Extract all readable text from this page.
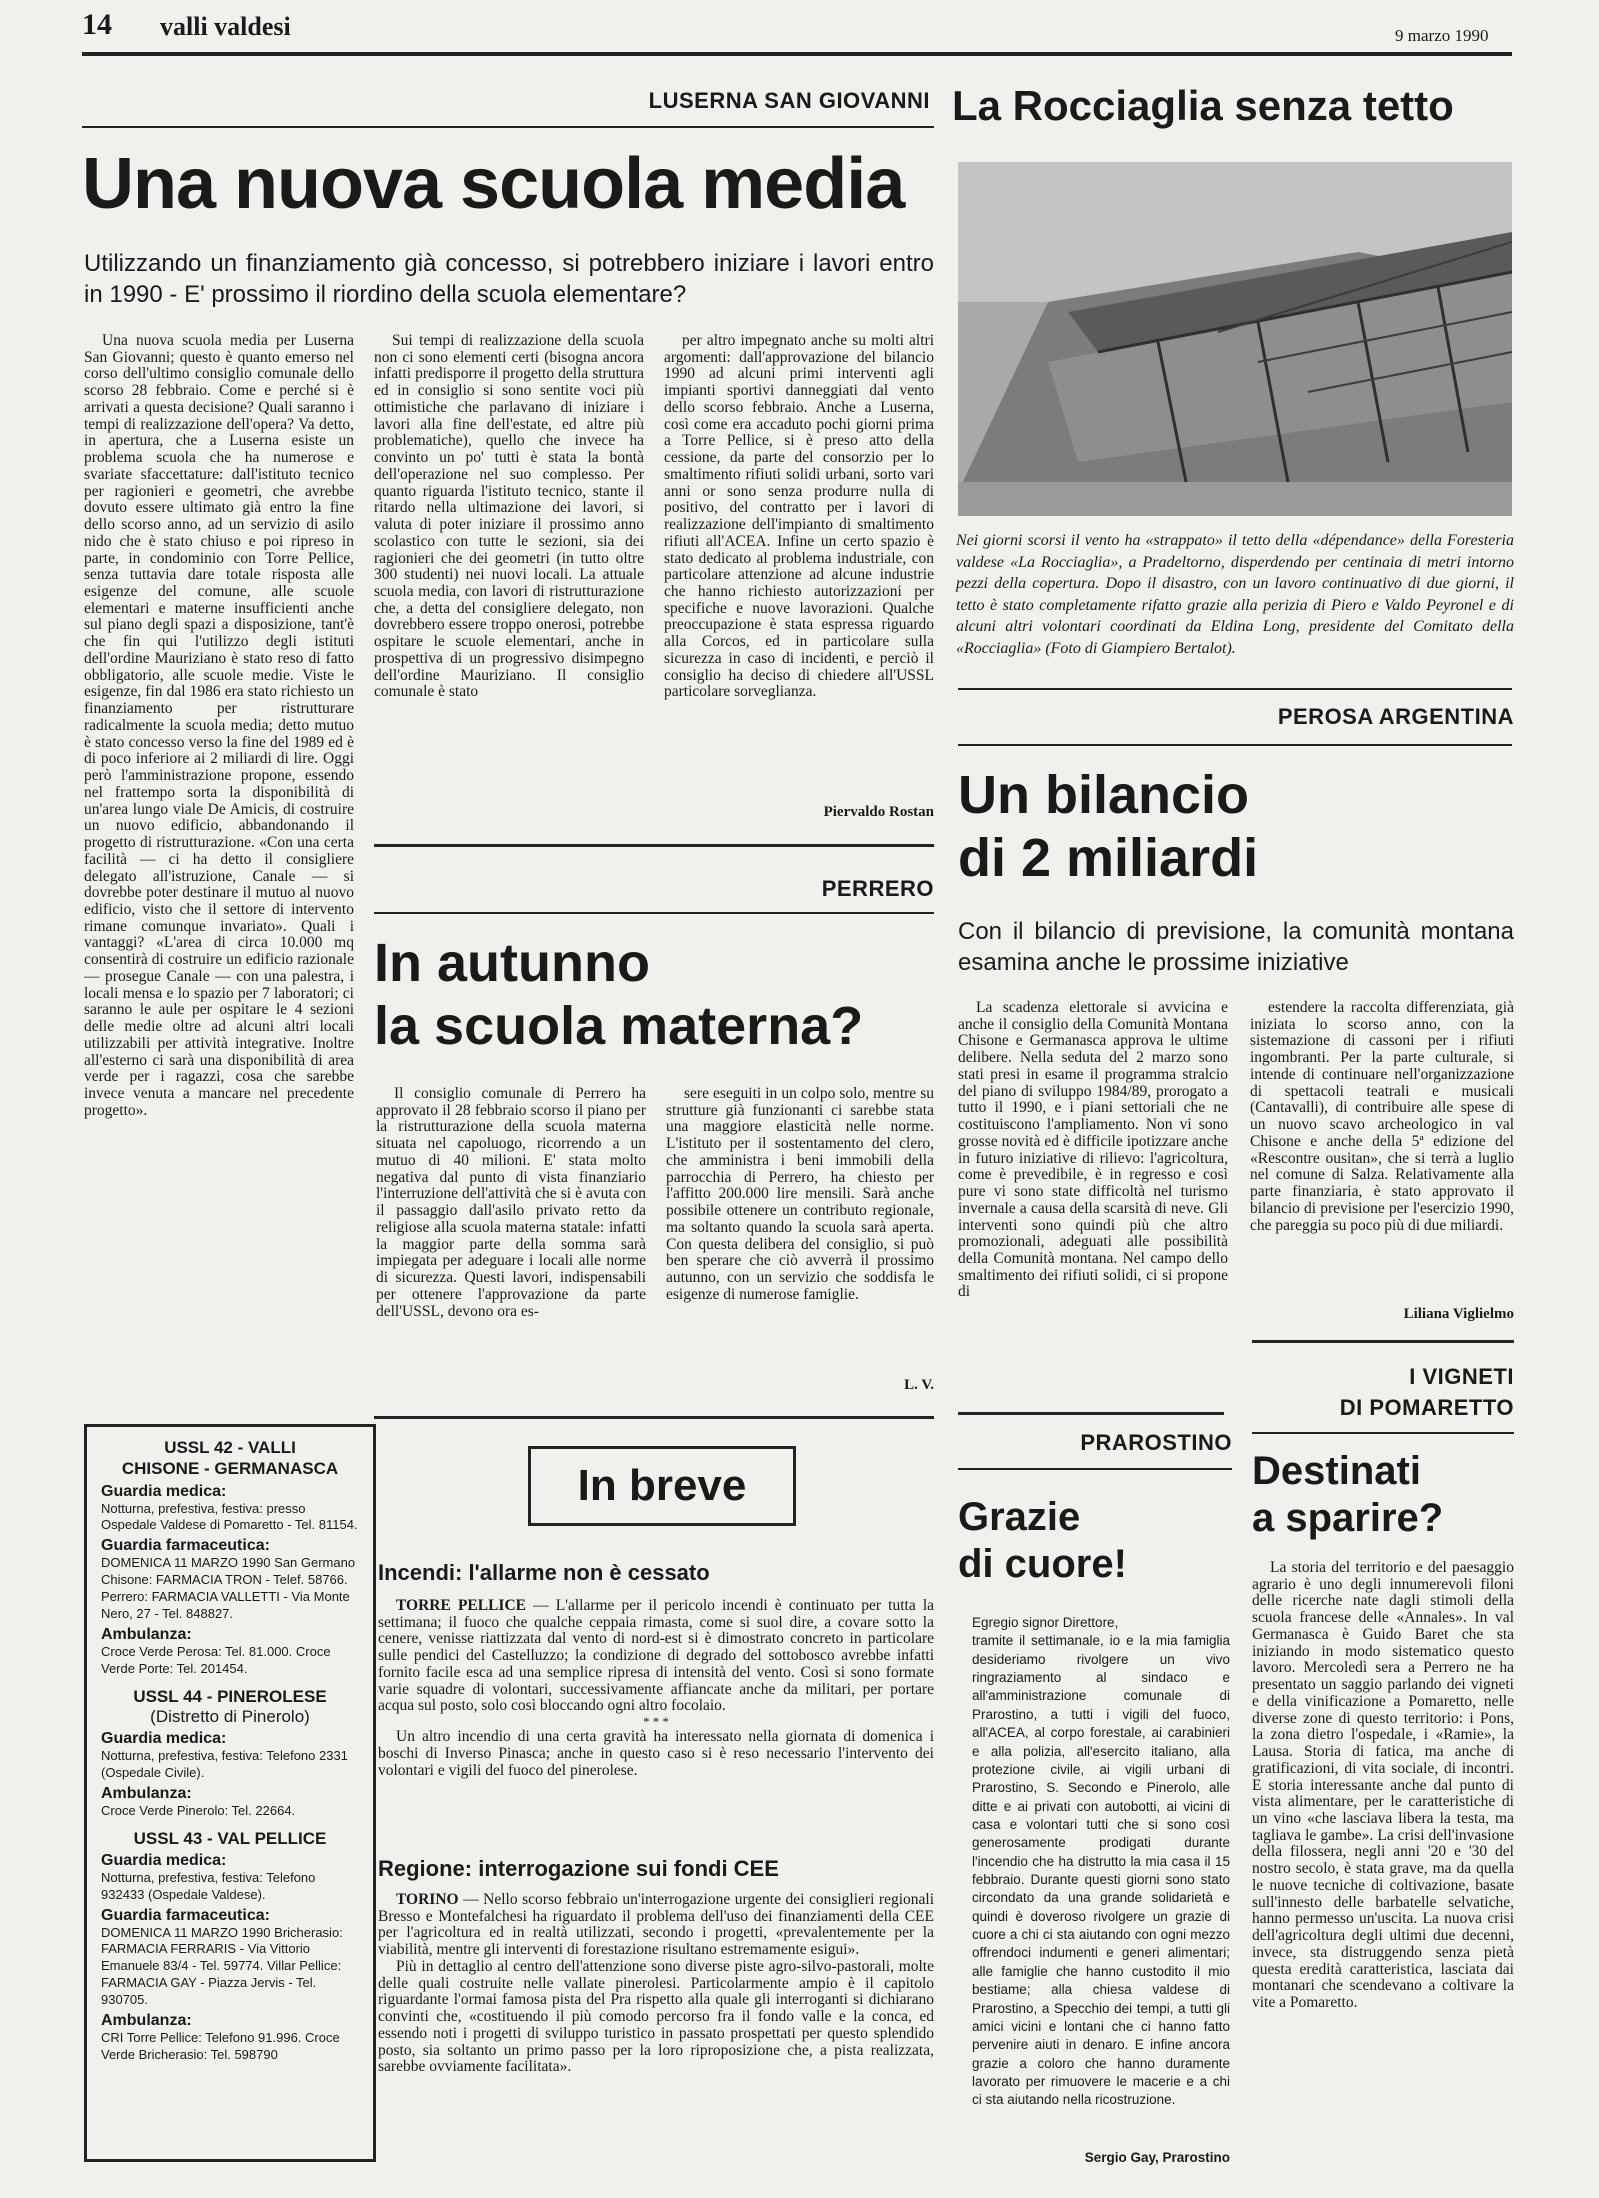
14 valli valdesi	9 marzo 1990
LUSERNA SAN GIOVANNI
Una nuova scuola media
Utilizzando un finanziamento già concesso, si potrebbero iniziare i lavori entro in 1990 - E' prossimo il riordino della scuola elementare?

Una nuova scuola media per Luserna San Giovanni; questo è quanto emerso nel corso dell'ultimo consiglio comunale dello scorso 28 febbraio. Come e perché si è arrivati a questa decisione? Quali saranno i tempi di realizzazione dell'opera? Va detto, in apertura, che a Luserna esiste un problema scuola che ha numerose e svariate sfaccettature: dall'istituto tecnico per ragionieri e geometri, che avrebbe dovuto essere ultimato già entro la fine dello scorso anno, ad un servizio di asilo nido che è stato chiuso e poi ripreso in parte, in condominio con Torre Pellice, senza tuttavia dare totale risposta alle esigenze del comune, alle scuole elementari e materne insufficienti anche sul piano degli spazi a disposizione, tant'è che fin qui l'utilizzo degli istituti dell'ordine Mauriziano è stato reso di fatto obbligatorio, alle scuole medie. Viste le esigenze, fin dal 1986 era stato richiesto un finanziamento per ristrutturare radicalmente la scuola media; detto mutuo è stato concesso verso la fine del 1989 ed è di poco inferiore ai 2 miliardi di lire. Oggi però l'amministrazione propone, essendo nel frattempo sorta la disponibilità di un'area lungo viale De Amicis, di costruire un nuovo edificio, abbandonando il progetto di ristrutturazione. «Con una certa facilità — ci ha detto il consigliere delegato all'istruzione, Canale — si dovrebbe poter destinare il mutuo al nuovo edificio, visto che il settore di intervento rimane comunque invariato». Quali i vantaggi? «L'area di circa 10.000 mq consentirà di costruire un edificio razionale — prosegue Canale — con una palestra, i locali mensa e lo spazio per 7 laboratori; ci saranno le aule per ospitare le 4 sezioni delle medie oltre ad alcuni altri locali utilizzabili per attività integrative. Inoltre all'esterno ci sarà una disponibilità di area verde per i ragazzi, cosa che sarebbe invece venuta a mancare nel precedente progetto».

Sui tempi di realizzazione della scuola non ci sono elementi certi (bisogna ancora infatti predisporre il progetto della struttura ed in consiglio si sono sentite voci più ottimistiche che parlavano di iniziare i lavori alla fine dell'estate, ed altre più problematiche), quello che invece ha convinto un po' tutti è stata la bontà dell'operazione nel suo complesso. Per quanto riguarda l'istituto tecnico, stante il ritardo nella ultimazione dei lavori, si valuta di poter iniziare il prossimo anno scolastico con tutte le sezioni, sia dei ragionieri che dei geometri (in tutto oltre 300 studenti) nei nuovi locali. La attuale scuola media, con lavori di ristrutturazione che, a detta del consigliere delegato, non dovrebbero essere troppo onerosi, potrebbe ospitare le scuole elementari, anche in prospettiva di un progressivo disimpegno dell'ordine Mauriziano. Il consiglio comunale è stato

per altro impegnato anche su molti altri argomenti: dall'approvazione del bilancio 1990 ad alcuni primi interventi agli impianti sportivi danneggiati dal vento dello scorso febbraio. Anche a Luserna, così come era accaduto pochi giorni prima a Torre Pellice, si è preso atto della cessione, da parte del consorzio per lo smaltimento rifiuti solidi urbani, sorto vari anni or sono senza produrre nulla di positivo, del contratto per i lavori di realizzazione dell'impianto di smaltimento rifiuti all'ACEA. Infine un certo spazio è stato dedicato al problema industriale, con particolare attenzione ad alcune industrie che hanno richiesto autorizzazioni per specifiche e nuove lavorazioni. Qualche preoccupazione è stata espressa riguardo alla Corcos, ed in particolare sulla sicurezza in caso di incidenti, e perciò il consiglio ha deciso di chiedere all'USSL particolare sorveglianza.

Piervaldo Rostan
La Rocciaglia senza tetto
Nei giorni scorsi il vento ha «strappato» il tetto della «dépendance» della Foresteria valdese «La Rocciaglia», a Pradeltorno, disperdendo per centinaia di metri intorno pezzi della copertura. Dopo il disastro, con un lavoro continuativo di due giorni, il tetto è stato completamente rifatto grazie alla perizia di Piero e Valdo Peyronel e di alcuni altri volontari coordinati da Eldina Long, presidente del Comitato della «Rocciaglia» (Foto di Giampiero Bertalot).
PEROSA ARGENTINA
Un bilancio
di 2 miliardi
Con il bilancio di previsione, la comunità montana esamina anche le prossime iniziative

La scadenza elettorale si avvicina e anche il consiglio della Comunità Montana Chisone e Germanasca approva le ultime delibere. Nella seduta del 2 marzo sono stati presi in esame il programma stralcio del piano di sviluppo 1984/89, prorogato a tutto il 1990, e i piani settoriali che ne costituiscono l'ampliamento. Non vi sono grosse novità ed è difficile ipotizzare anche in futuro iniziative di rilievo: l'agricoltura, come è prevedibile, è in regresso e così pure vi sono state difficoltà nel turismo invernale a causa della scarsità di neve. Gli interventi sono quindi più che altro promozionali, adeguati alle possibilità della Comunità montana. Nel campo dello smaltimento dei rifiuti solidi, ci si propone di

estendere la raccolta differenziata, già iniziata lo scorso anno, con la sistemazione di cassoni per i rifiuti ingombranti. Per la parte culturale, si intende di continuare nell'organizzazione di spettacoli teatrali e musicali (Cantavalli), di contribuire alle spese di un nuovo scavo archeologico in val Chisone e anche della 5ª edizione del «Rescontre ousitan», che si terrà a luglio nel comune di Salza. Relativamente alla parte finanziaria, è stato approvato il bilancio di previsione per l'esercizio 1990, che pareggia su poco più di due miliardi.

Liliana Viglielmo
PERRERO
In autunno
la scuola materna?

Il consiglio comunale di Perrero ha approvato il 28 febbraio scorso il piano per la ristrutturazione della scuola materna situata nel capoluogo, ricorrendo a un mutuo di 40 milioni. E' stata molto negativa dal punto di vista finanziario l'interruzione dell'attività che si è avuta con il passaggio dall'asilo privato retto da religiose alla scuola materna statale: infatti la maggior parte della somma sarà impiegata per adeguare i locali alle norme di sicurezza. Questi lavori, indispensabili per ottenere l'approvazione da parte dell'USSL, devono ora es-

sere eseguiti in un colpo solo, mentre su strutture già funzionanti ci sarebbe stata una maggiore elasticità nelle norme. L'istituto per il sostentamento del clero, che amministra i beni immobili della parrocchia di Perrero, ha chiesto per l'affitto 200.000 lire mensili. Sarà anche possibile ottenere un contributo regionale, ma soltanto quando la scuola sarà aperta. Con questa delibera del consiglio, si può ben sperare che ciò avverrà il prossimo autunno, con un servizio che soddisfa le esigenze di numerose famiglie.

L. V.
USSL 42 - VALLI
CHISONE - GERMANASCA
Guardia medica:
Notturna, prefestiva, festiva: presso Ospedale Valdese di Pomaretto - Tel. 81154.
Guardia farmaceutica:
DOMENICA 11 MARZO 1990 San Germano Chisone: FARMACIA TRON - Telef. 58766. Perrero: FARMACIA VALLETTI - Via Monte Nero, 27 - Tel. 848827.
Ambulanza:
Croce Verde Perosa: Tel. 81.000. Croce Verde Porte: Tel. 201454.
USSL 44 - PINEROLESE
(Distretto di Pinerolo)
Guardia medica:
Notturna, prefestiva, festiva: Telefono 2331 (Ospedale Civile).
Ambulanza:
Croce Verde Pinerolo: Tel. 22664.
USSL 43 - VAL PELLICE
Guardia medica:
Notturna, prefestiva, festiva: Telefono 932433 (Ospedale Valdese).
Guardia farmaceutica:
DOMENICA 11 MARZO 1990 Bricherasio: FARMACIA FERRARIS - Via Vittorio Emanuele 83/4 - Tel. 59774. Villar Pellice: FARMACIA GAY - Piazza Jervis - Tel. 930705.
Ambulanza:
CRI Torre Pellice: Telefono 91.996. Croce Verde Bricherasio: Tel. 598790
In breve
Incendi: l'allarme non è cessato

TORRE PELLICE — L'allarme per il pericolo incendi è continuato per tutta la settimana; il fuoco che qualche ceppaia rimasta, come si suol dire, a covare sotto la cenere, venisse riattizzata dal vento di nord-est si è dimostrato concreto in particolare sulle pendici del Castelluzzo; la condizione di degrado del sottobosco avrebbe infatti fornito facile esca ad una semplice ripresa di intensità del vento. Così si sono formate varie squadre di volontari, successivamente affiancate anche da militari, per portare acqua sul posto, solo così bloccando ogni altro focolaio.

* * *

Un altro incendio di una certa gravità ha interessato nella giornata di domenica i boschi di Inverso Pinasca; anche in questo caso si è reso necessario l'intervento dei volontari e vigili del fuoco del pinerolese.

Regione: interrogazione sui fondi CEE

TORINO — Nello scorso febbraio un'interrogazione urgente dei consiglieri regionali Bresso e Montefalchesi ha riguardato il problema dell'uso dei finanziamenti della CEE per l'agricoltura ed in realtà utilizzati, secondo i progetti, «prevalentemente per la viabilità, mentre gli interventi di forestazione risultano estremamente esigui».

Più in dettaglio al centro dell'attenzione sono diverse piste agro-silvo-pastorali, molte delle quali costruite nelle vallate pinerolesi. Particolarmente ampio è il capitolo riguardante l'ormai famosa pista del Pra rispetto alla quale gli interroganti si dichiarano convinti che, «costituendo il più comodo percorso fra il fondo valle e la conca, ed essendo noti i progetti di sviluppo turistico in passato prospettati per questo splendido posto, sia soltanto un primo passo per la loro riproposizione che, a pista realizzata, sarebbe ovviamente facilitata».

PRAROSTINO
Grazie
di cuore!

Egregio signor Direttore,

tramite il settimanale, io e la mia famiglia desideriamo rivolgere un vivo ringraziamento al sindaco e all'amministrazione comunale di Prarostino, a tutti i vigili del fuoco, all'ACEA, al corpo forestale, ai carabinieri e alla polizia, all'esercito italiano, alla protezione civile, ai vigili urbani di Prarostino, S. Secondo e Pinerolo, alle ditte e ai privati con autobotti, ai vicini di casa e volontari tutti che si sono così generosamente prodigati durante l'incendio che ha distrutto la mia casa il 15 febbraio. Durante questi giorni sono stato circondato da una grande solidarietà e quindi è doveroso rivolgere un grazie di cuore a chi ci sta aiutando con ogni mezzo offrendoci indumenti e generi alimentari; alle famiglie che hanno custodito il mio bestiame; alla chiesa valdese di Prarostino, a Specchio dei tempi, a tutti gli amici vicini e lontani che ci hanno fatto pervenire aiuti in denaro. E infine ancora grazie a coloro che hanno duramente lavorato per rimuovere le macerie e a chi ci sta aiutando nella ricostruzione.

Sergio Gay, Prarostino
I VIGNETI
DI POMARETTO
Destinati
a sparire?

La storia del territorio e del paesaggio agrario è uno degli innumerevoli filoni delle ricerche nate dagli stimoli della scuola francese delle «Annales». In val Germanasca è Guido Baret che sta iniziando in modo sistematico questo lavoro. Mercoledì sera a Perrero ne ha presentato un saggio parlando dei vigneti e della vinificazione a Pomaretto, nelle diverse zone di questo territorio: i Pons, la zona dietro l'ospedale, i «Ramie», la Lausa. Storia di fatica, ma anche di gratificazioni, di vita sociale, di incontri. E storia interessante anche dal punto di vista alimentare, per le caratteristiche di un vino «che lasciava libera la testa, ma tagliava le gambe». La crisi dell'invasione della filossera, negli anni '20 e '30 del nostro secolo, è stata grave, ma da quella le nuove tecniche di coltivazione, basate sull'innesto delle barbatelle selvatiche, hanno permesso un'uscita. La nuova crisi dell'agricoltura degli ultimi due decenni, invece, sta distruggendo senza pietà questa eredità caratteristica, lasciata dai montanari che scendevano a coltivare la vite a Pomaretto.
